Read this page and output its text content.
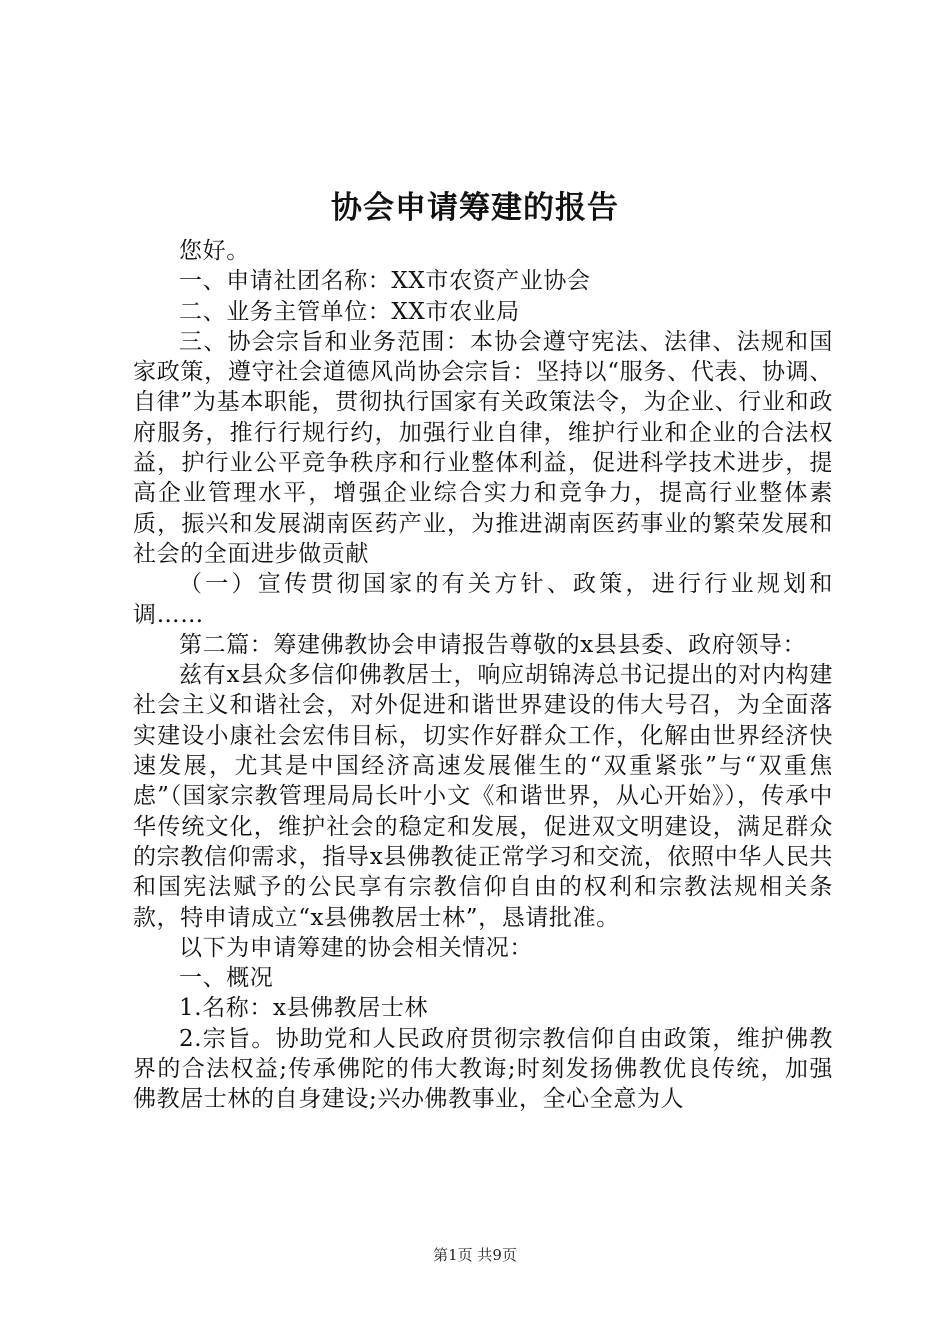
协会申请筹建的报告

您好。

一、申请社团名称：XX市农资产业协会

二、业务主管单位：XX市农业局

三、协会宗旨和业务范围：本协会遵守宪法、法律、法规和国家政策，遵守社会道德风尚协会宗旨：坚持以“服务、代表、协调、自律”为基本职能，贯彻执行国家有关政策法令，为企业、行业和政府服务，推行行规行约，加强行业自律，维护行业和企业的合法权益，护行业公平竞争秩序和行业整体利益，促进科学技术进步，提高企业管理水平，增强企业综合实力和竞争力，提高行业整体素质，振兴和发展湖南医药产业，为推进湖南医药事业的繁荣发展和社会的全面进步做贡献

（一）宣传贯彻国家的有关方针、政策，进行行业规划和调……

第二篇：筹建佛教协会申请报告尊敬的x县县委、政府领导：

兹有x县众多信仰佛教居士，响应胡锦涛总书记提出的对内构建社会主义和谐社会，对外促进和谐世界建设的伟大号召，为全面落实建设小康社会宏伟目标，切实作好群众工作，化解由世界经济快速发展，尤其是中国经济高速发展催生的“双重紧张”与“双重焦虑”（国家宗教管理局局长叶小文《和谐世界，从心开始》），传承中华传统文化，维护社会的稳定和发展，促进双文明建设，满足群众的宗教信仰需求，指导x县佛教徒正常学习和交流，依照中华人民共和国宪法赋予的公民享有宗教信仰自由的权利和宗教法规相关条款，特申请成立“x县佛教居士林”，恳请批准。

以下为申请筹建的协会相关情况：

一、概况

1.名称：x县佛教居士林

2.宗旨。协助党和人民政府贯彻宗教信仰自由政策，维护佛教界的合法权益;传承佛陀的伟大教诲;时刻发扬佛教优良传统，加强佛教居士林的自身建设;兴办佛教事业，全心全意为人

第1页 共9页
